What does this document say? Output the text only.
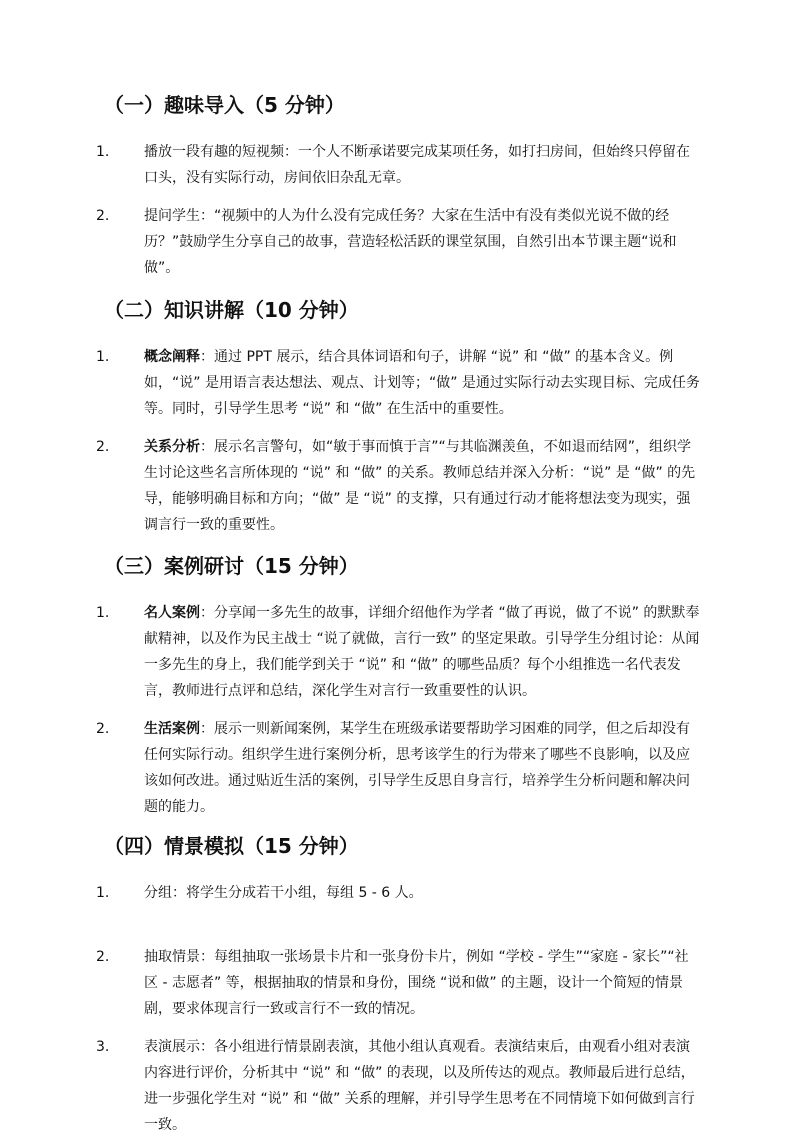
（一）趣味导入（5 分钟）
1.	播放一段有趣的短视频：一个人不断承诺要完成某项任务，如打扫房间，但始终只停留在口头，没有实际行动，房间依旧杂乱无章。
2.	提问学生：“视频中的人为什么没有完成任务？大家在生活中有没有类似光说不做的经历？”鼓励学生分享自己的故事，营造轻松活跃的课堂氛围，自然引出本节课主题“说和做”。
（二）知识讲解（10 分钟）
1.	概念阐释：通过 PPT 展示，结合具体词语和句子，讲解 “说” 和 “做” 的基本含义。例如，“说” 是用语言表达想法、观点、计划等；“做” 是通过实际行动去实现目标、完成任务等。同时，引导学生思考 “说” 和 “做” 在生活中的重要性。
2.	关系分析：展示名言警句，如“敏于事而慎于言”“与其临渊羡鱼，不如退而结网”，组织学生讨论这些名言所体现的 “说” 和 “做” 的关系。教师总结并深入分析：“说” 是 “做” 的先导，能够明确目标和方向；“做” 是 “说” 的支撑，只有通过行动才能将想法变为现实，强调言行一致的重要性。
（三）案例研讨（15 分钟）
1.	名人案例：分享闻一多先生的故事，详细介绍他作为学者 “做了再说，做了不说” 的默默奉献精神，以及作为民主战士 “说了就做，言行一致” 的坚定果敢。引导学生分组讨论：从闻一多先生的身上，我们能学到关于 “说” 和 “做” 的哪些品质？每个小组推选一名代表发言，教师进行点评和总结，深化学生对言行一致重要性的认识。
2.	生活案例：展示一则新闻案例，某学生在班级承诺要帮助学习困难的同学，但之后却没有任何实际行动。组织学生进行案例分析，思考该学生的行为带来了哪些不良影响，以及应该如何改进。通过贴近生活的案例，引导学生反思自身言行，培养学生分析问题和解决问题的能力。
（四）情景模拟（15 分钟）
1.	分组：将学生分成若干小组，每组 5 - 6 人。
2.	抽取情景：每组抽取一张场景卡片和一张身份卡片，例如 “学校 - 学生”“家庭 - 家长”“社区 - 志愿者” 等，根据抽取的情景和身份，围绕 “说和做” 的主题，设计一个简短的情景剧，要求体现言行一致或言行不一致的情况。
3.	表演展示：各小组进行情景剧表演，其他小组认真观看。表演结束后，由观看小组对表演内容进行评价，分析其中 “说” 和 “做” 的表现，以及所传达的观点。教师最后进行总结，进一步强化学生对 “说” 和 “做” 关系的理解，并引导学生思考在不同情境下如何做到言行一致。
